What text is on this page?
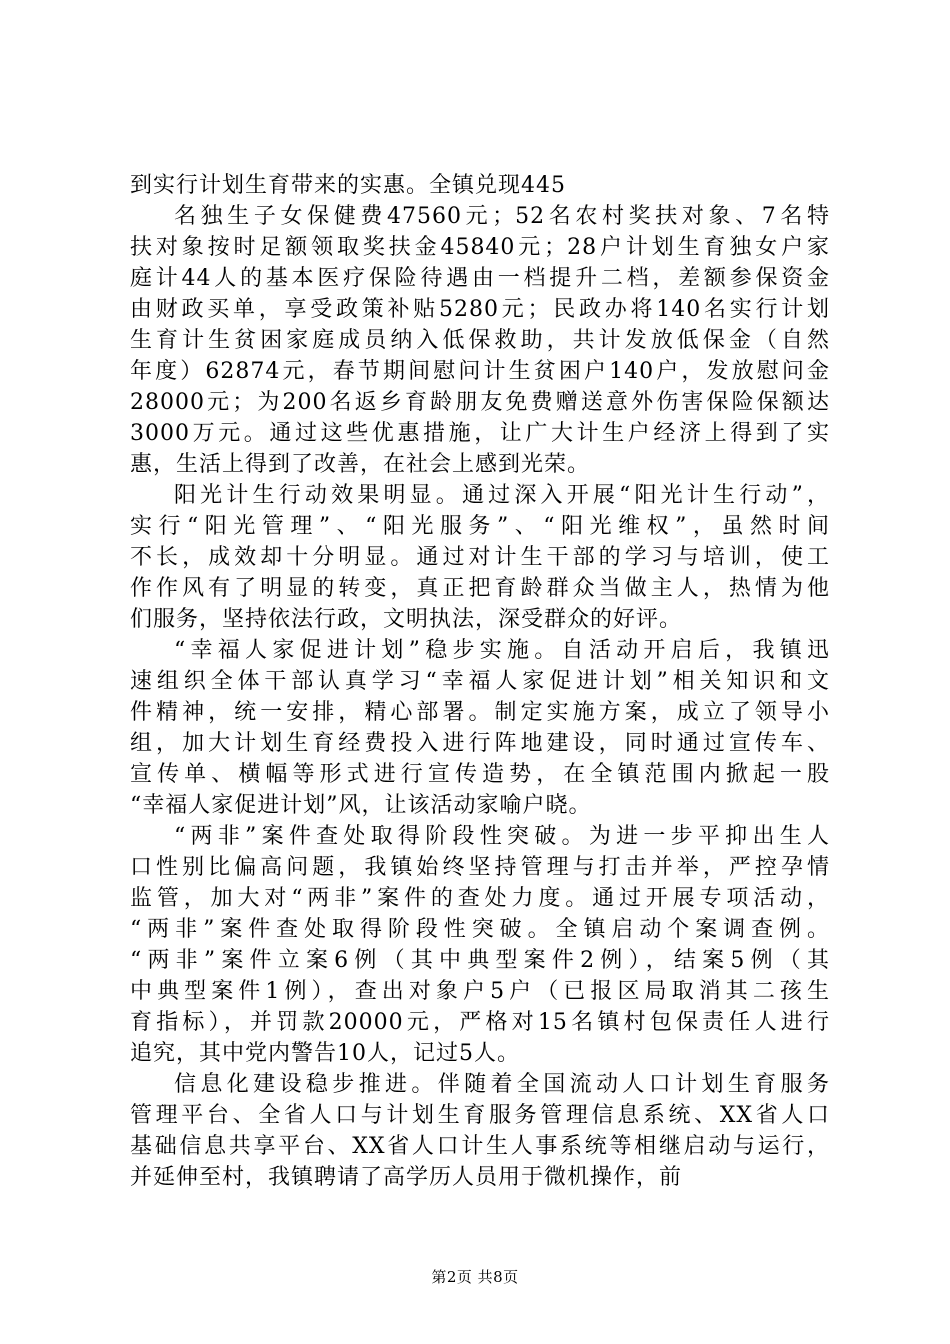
到实行计划生育带来的实惠。全镇兑现445
名独生子女保健费47560元；52名农村奖扶对象、7名特
扶对象按时足额领取奖扶金45840元；28户计划生育独女户家
庭计44人的基本医疗保险待遇由一档提升二档，差额参保资金
由财政买单，享受政策补贴5280元；民政办将140名实行计划
生育计生贫困家庭成员纳入低保救助，共计发放低保金（自然
年度）62874元，春节期间慰问计生贫困户140户，发放慰问金
28000元；为200名返乡育龄朋友免费赠送意外伤害保险保额达
3000万元。通过这些优惠措施，让广大计生户经济上得到了实
惠，生活上得到了改善，在社会上感到光荣。
阳光计生行动效果明显。通过深入开展“阳光计生行动”，
实行“阳光管理”、“阳光服务”、“阳光维权”，虽然时间
不长，成效却十分明显。通过对计生干部的学习与培训，使工
作作风有了明显的转变，真正把育龄群众当做主人，热情为他
们服务，坚持依法行政，文明执法，深受群众的好评。
“幸福人家促进计划”稳步实施。自活动开启后，我镇迅
速组织全体干部认真学习“幸福人家促进计划”相关知识和文
件精神，统一安排，精心部署。制定实施方案，成立了领导小
组，加大计划生育经费投入进行阵地建设，同时通过宣传车、
宣传单、横幅等形式进行宣传造势，在全镇范围内掀起一股
“幸福人家促进计划”风，让该活动家喻户晓。
“两非”案件查处取得阶段性突破。为进一步平抑出生人
口性别比偏高问题，我镇始终坚持管理与打击并举，严控孕情
监管，加大对“两非”案件的查处力度。通过开展专项活动，
“两非”案件查处取得阶段性突破。全镇启动个案调查例。
“两非”案件立案6例（其中典型案件2例），结案5例（其
中典型案件1例），查出对象户5户（已报区局取消其二孩生
育指标），并罚款20000元，严格对15名镇村包保责任人进行
追究，其中党内警告10人，记过5人。
信息化建设稳步推进。伴随着全国流动人口计划生育服务
管理平台、全省人口与计划生育服务管理信息系统、XX省人口
基础信息共享平台、XX省人口计生人事系统等相继启动与运行，
并延伸至村，我镇聘请了高学历人员用于微机操作，前
第2页 共8页
